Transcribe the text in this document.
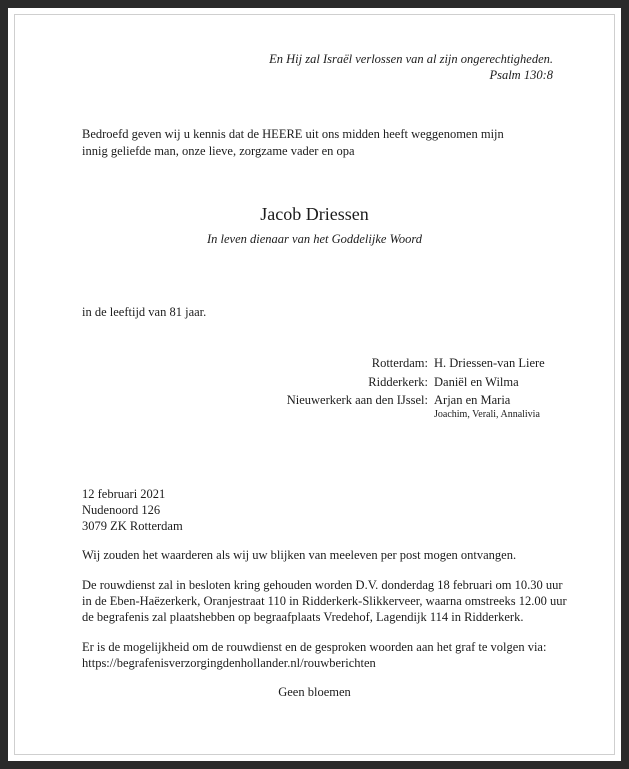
En Hij zal Israël verlossen van al zijn ongerechtigheden.
Psalm 130:8
Bedroefd geven wij u kennis dat de HEERE uit ons midden heeft weggenomen mijn
innig geliefde man, onze lieve, zorgzame vader en opa
Jacob Driessen
In leven dienaar van het Goddelijke Woord
in de leeftijd van 81 jaar.
Rotterdam: H. Driessen-van Liere
Ridderkerk: Daniël en Wilma
Nieuwerkerk aan den IJssel: Arjan en Maria
Joachim, Verali, Annalivia
12 februari 2021
Nudenoord 126
3079 ZK Rotterdam
Wij zouden het waarderen als wij uw blijken van meeleven per post mogen ontvangen.
De rouwdienst zal in besloten kring gehouden worden D.V. donderdag 18 februari om 10.30 uur
in de Eben-Haëzerkerk, Oranjestraat 110 in Ridderkerk-Slikkerveer, waarna omstreeks 12.00 uur
de begrafenis zal plaatshebben op begraafplaats Vredehof, Lagendijk 114 in Ridderkerk.
Er is de mogelijkheid om de rouwdienst en de gesproken woorden aan het graf te volgen via:
https://begrafenisverzorgingdenhollander.nl/rouwberichten
Geen bloemen
